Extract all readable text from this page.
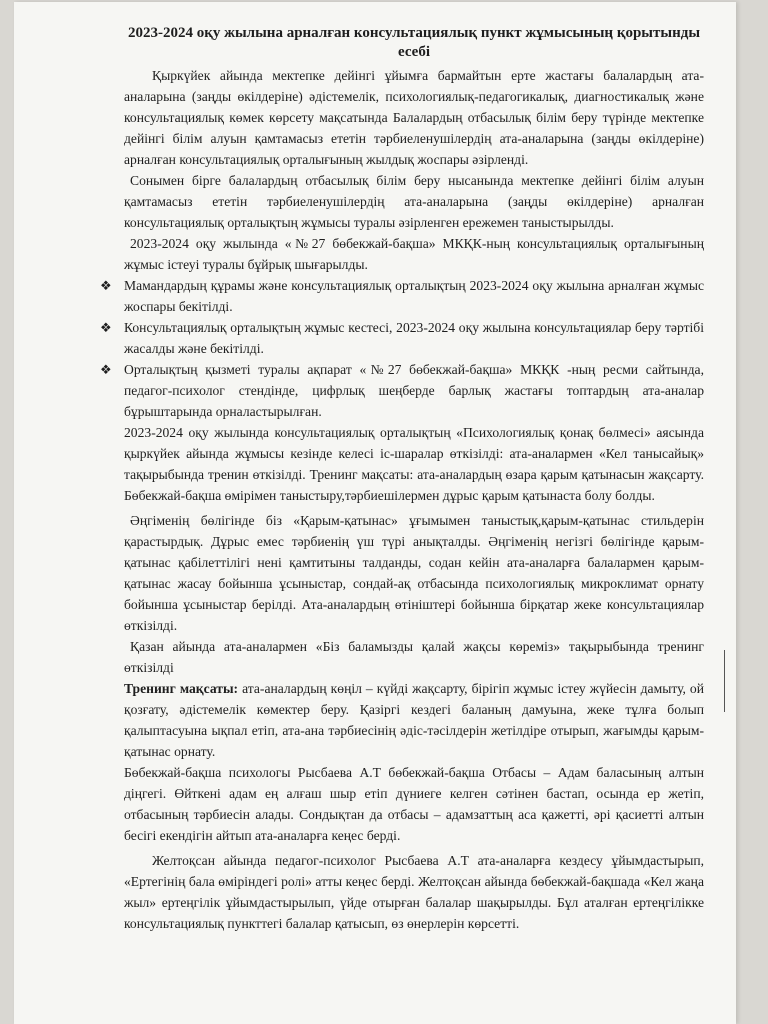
2023-2024 оқу жылына арналған консультациялық пункт жұмысының қорытынды есебі

Қыркүйек айында мектепке дейінгі ұйымға бармайтын ерте жастағы балалардың ата-аналарына (заңды өкілдеріне) әдістемелік, психологиялық-педагогикалық, диагностикалық және консультациялық көмек көрсету мақсатында Балалардың отбасылық білім беру түрінде мектепке дейінгі білім алуын қамтамасыз ететін тәрбиеленушілердің ата-аналарына (заңды өкілдеріне) арналған консультациялық орталығының жылдық жоспары әзірленді.

Сонымен бірге балалардың отбасылық білім беру нысанында мектепке дейінгі білім алуын қамтамасыз ететін тәрбиеленушілердің ата-аналарына (заңды өкілдеріне) арналған консультациялық орталықтың жұмысы туралы әзірленген ережемен таныстырылды.

2023-2024 оқу жылында «№27 бөбекжай-бақша» МКҚК-ның консультациялық орталығының жұмыс істеуі туралы бұйрық шығарылды.

❖ Мамандардың құрамы және консультациялық орталықтың 2023-2024 оқу жылына арналған жұмыс жоспары бекітілді.
❖ Консультациялық орталықтың жұмыс кестесі, 2023-2024 оқу жылына консультациялар беру тәртібі жасалды және бекітілді.
❖ Орталықтың қызметі туралы ақпарат «№27 бөбекжай-бақша» МКҚК -ның ресми сайтында, педагог-психолог стендінде, цифрлық шеңберде барлық жастағы топтардың ата-аналар бұрыштарында орналастырылған.

2023-2024 оқу жылында консультациялық орталықтың «Психологиялық қонақ бөлмесі» аясында қыркүйек айында жұмысы кезінде келесі іс-шаралар өткізілді: ата-аналармен «Кел танысайық» тақырыбында тренин өткізілді. Тренинг мақсаты: ата-аналардың өзара қарым қатынасын жақсарту. Бөбекжай-бақша өмірімен таныстыру,тәрбиешілермен дұрыс қарым қатынаста болу болды.

Әңгіменің бөлігінде біз «Қарым-қатынас» ұғымымен таныстық,қарым-қатынас стильдерін қарастырдық. Дұрыс емес тәрбиенің үш түрі анықталды. Әңгіменің негізгі бөлігінде қарым-қатынас қабілеттілігі нені қамтитыны талданды, содан кейін ата-аналарға балалармен қарым-қатынас жасау бойынша ұсыныстар, сондай-ақ отбасында психологиялық микроклимат орнату бойынша ұсыныстар берілді. Ата-аналардың өтініштері бойынша бірқатар жеке консультациялар өткізілді.

Қазан айында ата-аналармен «Біз баламызды қалай жақсы көреміз» тақырыбында тренинг өткізілді

Тренинг мақсаты: ата-аналардың көңіл – күйді жақсарту, бірігіп жұмыс істеу жүйесін дамыту, ой қозғату, әдістемелік көмектер беру. Қазіргі кездегі баланың дамуына, жеке тұлға болып қалыптасуына ықпал етіп, ата-ана тәрбиесінің әдіс-тәсілдерін жетілдіре отырып, жағымды қарым-қатынас орнату.

Бөбекжай-бақша психологы Рысбаева А.Т бөбекжай-бақша Отбасы – Адам баласының алтын діңгегі. Өйткені адам ең алғаш шыр етіп дүниеге келген сәтінен бастап, осында ер жетіп, отбасының тәрбиесін алады. Сондықтан да отбасы – адамзаттың аса қажетті, әрі қасиетті алтын бесігі екендігін айтып ата-аналарға кеңес берді.

Желтоқсан айында педагог-психолог Рысбаева А.Т ата-аналарға кездесу ұйымдастырып, «Ертегінің бала өміріндегі ролі» атты кеңес берді. Желтоқсан айында бөбекжай-бақшада «Кел жаңа жыл» ертеңгілік ұйымдастырылып, үйде отырған балалар шақырылды. Бұл аталған ертеңгілікке консультациялық пункттегі балалар қатысып, өз өнерлерін көрсетті.
